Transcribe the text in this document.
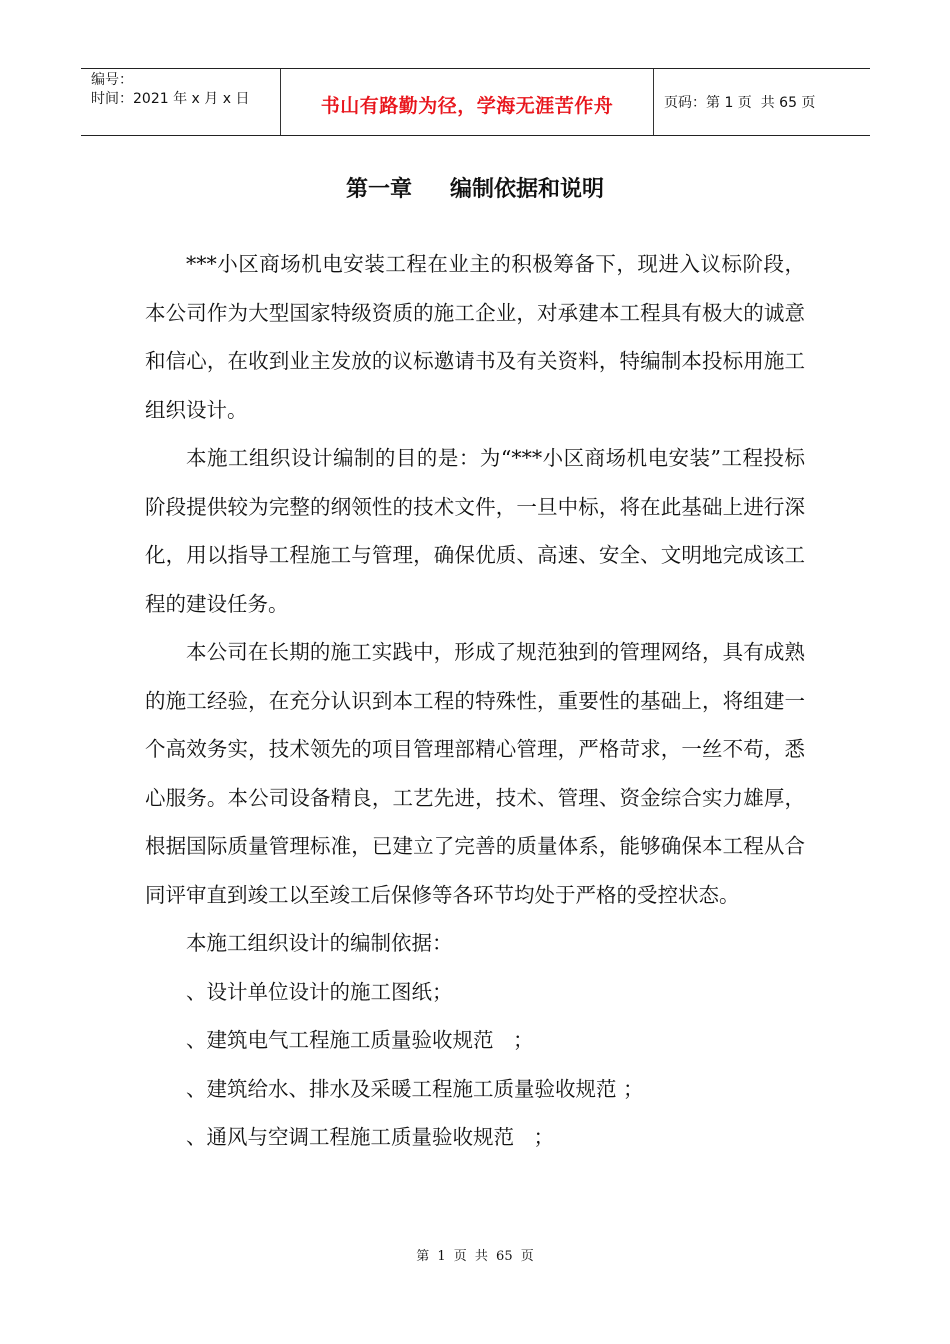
编号：
时间：2021 年 x 月 x 日	书山有路勤为径，学海无涯苦作舟	页码：第 1 页  共 65 页
第一章 编制依据和说明

***小区商场机电安装工程在业主的积极筹备下，现进入议标阶段，本公司作为大型国家特级资质的施工企业，对承建本工程具有极大的诚意和信心，在收到业主发放的议标邀请书及有关资料，特编制本投标用施工组织设计。

本施工组织设计编制的目的是：为“***小区商场机电安装”工程投标阶段提供较为完整的纲领性的技术文件，一旦中标，将在此基础上进行深化，用以指导工程施工与管理，确保优质、高速、安全、文明地完成该工程的建设任务。

本公司在长期的施工实践中，形成了规范独到的管理网络，具有成熟的施工经验，在充分认识到本工程的特殊性，重要性的基础上，将组建一个高效务实，技术领先的项目管理部精心管理，严格苛求，一丝不苟，悉心服务。本公司设备精良，工艺先进，技术、管理、资金综合实力雄厚，根据国际质量管理标准，已建立了完善的质量体系，能够确保本工程从合同评审直到竣工以至竣工后保修等各环节均处于严格的受控状态。

本施工组织设计的编制依据：

、设计单位设计的施工图纸；
、建筑电气工程施工质量验收规范   ；
、建筑给水、排水及采暖工程施工质量验收规范 ；
、通风与空调工程施工质量验收规范   ；
第 1 页 共 65 页
